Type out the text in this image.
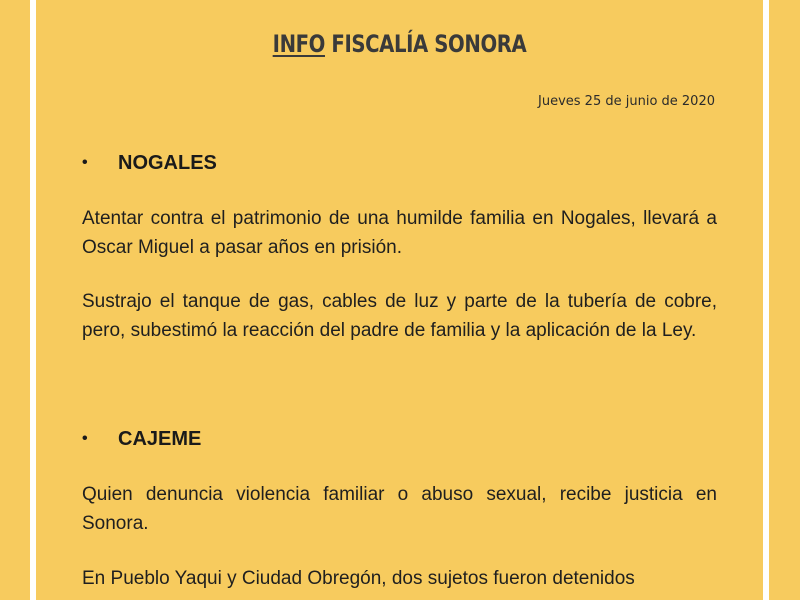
INFO FISCALÍA SONORA
Jueves 25 de junio de 2020
• NOGALES

Atentar contra el patrimonio de una humilde familia en Nogales, llevará a Oscar Miguel a pasar años en prisión.

Sustrajo el tanque de gas, cables de luz y parte de la tubería de cobre, pero, subestimó la reacción del padre de familia y la aplicación de la Ley.

• CAJEME

Quien denuncia violencia familiar o abuso sexual, recibe justicia en Sonora.

En Pueblo Yaqui y Ciudad Obregón, dos sujetos fueron detenidos
